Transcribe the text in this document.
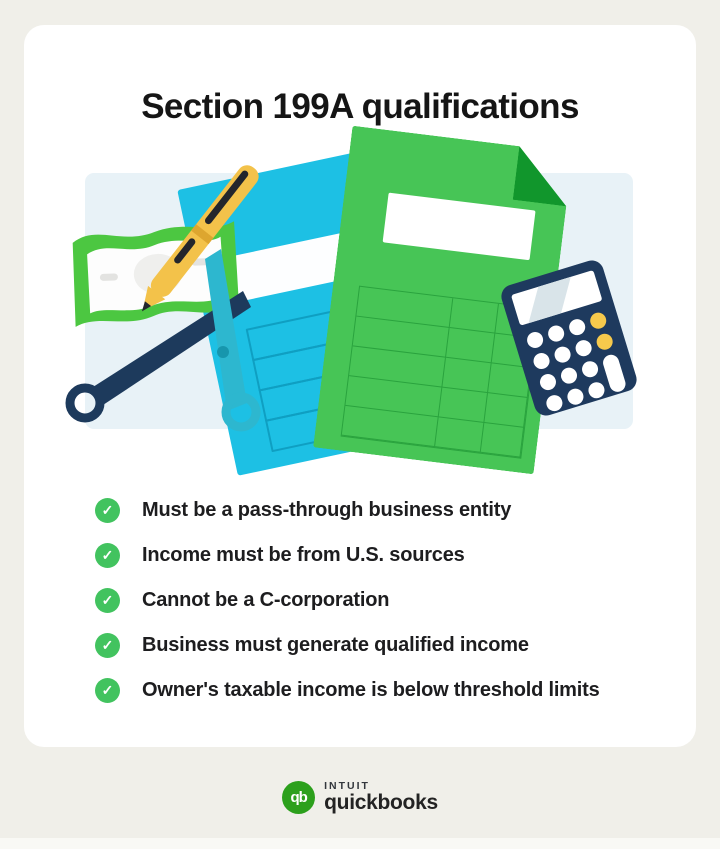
Section 199A qualifications
✓	Must be a pass-through business entity
✓	Income must be from U.S. sources
✓	Cannot be a C-corporation
✓	Business must generate qualified income
✓	Owner's taxable income is below threshold limits
qb
INTUIT
quickbooks
